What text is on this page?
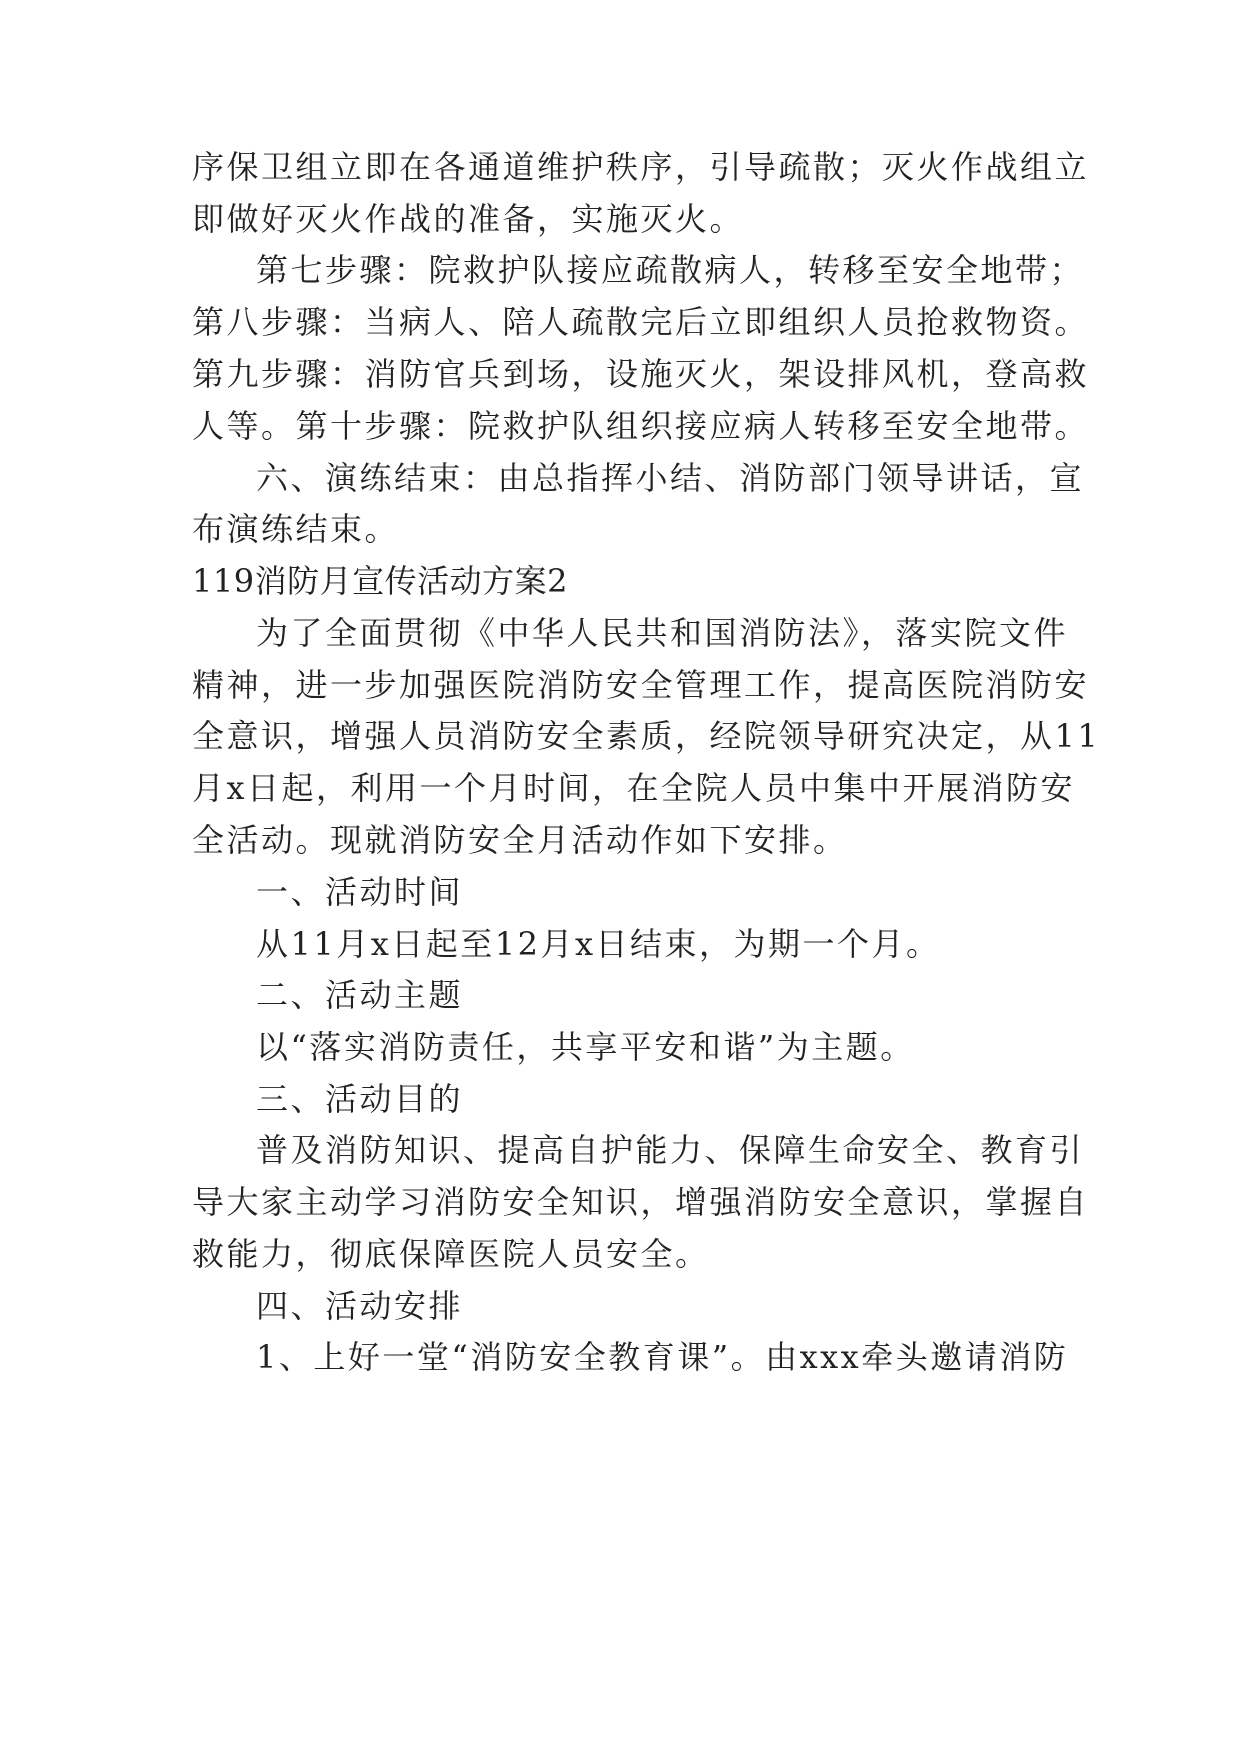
序保卫组立即在各通道维护秩序，引导疏散；灭火作战组立
即做好灭火作战的准备，实施灭火。
第七步骤：院救护队接应疏散病人，转移至安全地带；
第八步骤：当病人、陪人疏散完后立即组织人员抢救物资。
第九步骤：消防官兵到场，设施灭火，架设排风机，登高救
人等。第十步骤：院救护队组织接应病人转移至安全地带。
六、演练结束：由总指挥小结、消防部门领导讲话，宣
布演练结束。
119消防月宣传活动方案2
为了全面贯彻《中华人民共和国消防法》，落实院文件
精神，进一步加强医院消防安全管理工作，提高医院消防安
全意识，增强人员消防安全素质，经院领导研究决定，从11
月x日起，利用一个月时间，在全院人员中集中开展消防安
全活动。现就消防安全月活动作如下安排。
一、活动时间
从11月x日起至12月x日结束，为期一个月。
二、活动主题
以“落实消防责任，共享平安和谐”为主题。
三、活动目的
普及消防知识、提高自护能力、保障生命安全、教育引
导大家主动学习消防安全知识，增强消防安全意识，掌握自
救能力，彻底保障医院人员安全。
四、活动安排
1、上好一堂“消防安全教育课”。由xxx牵头邀请消防
